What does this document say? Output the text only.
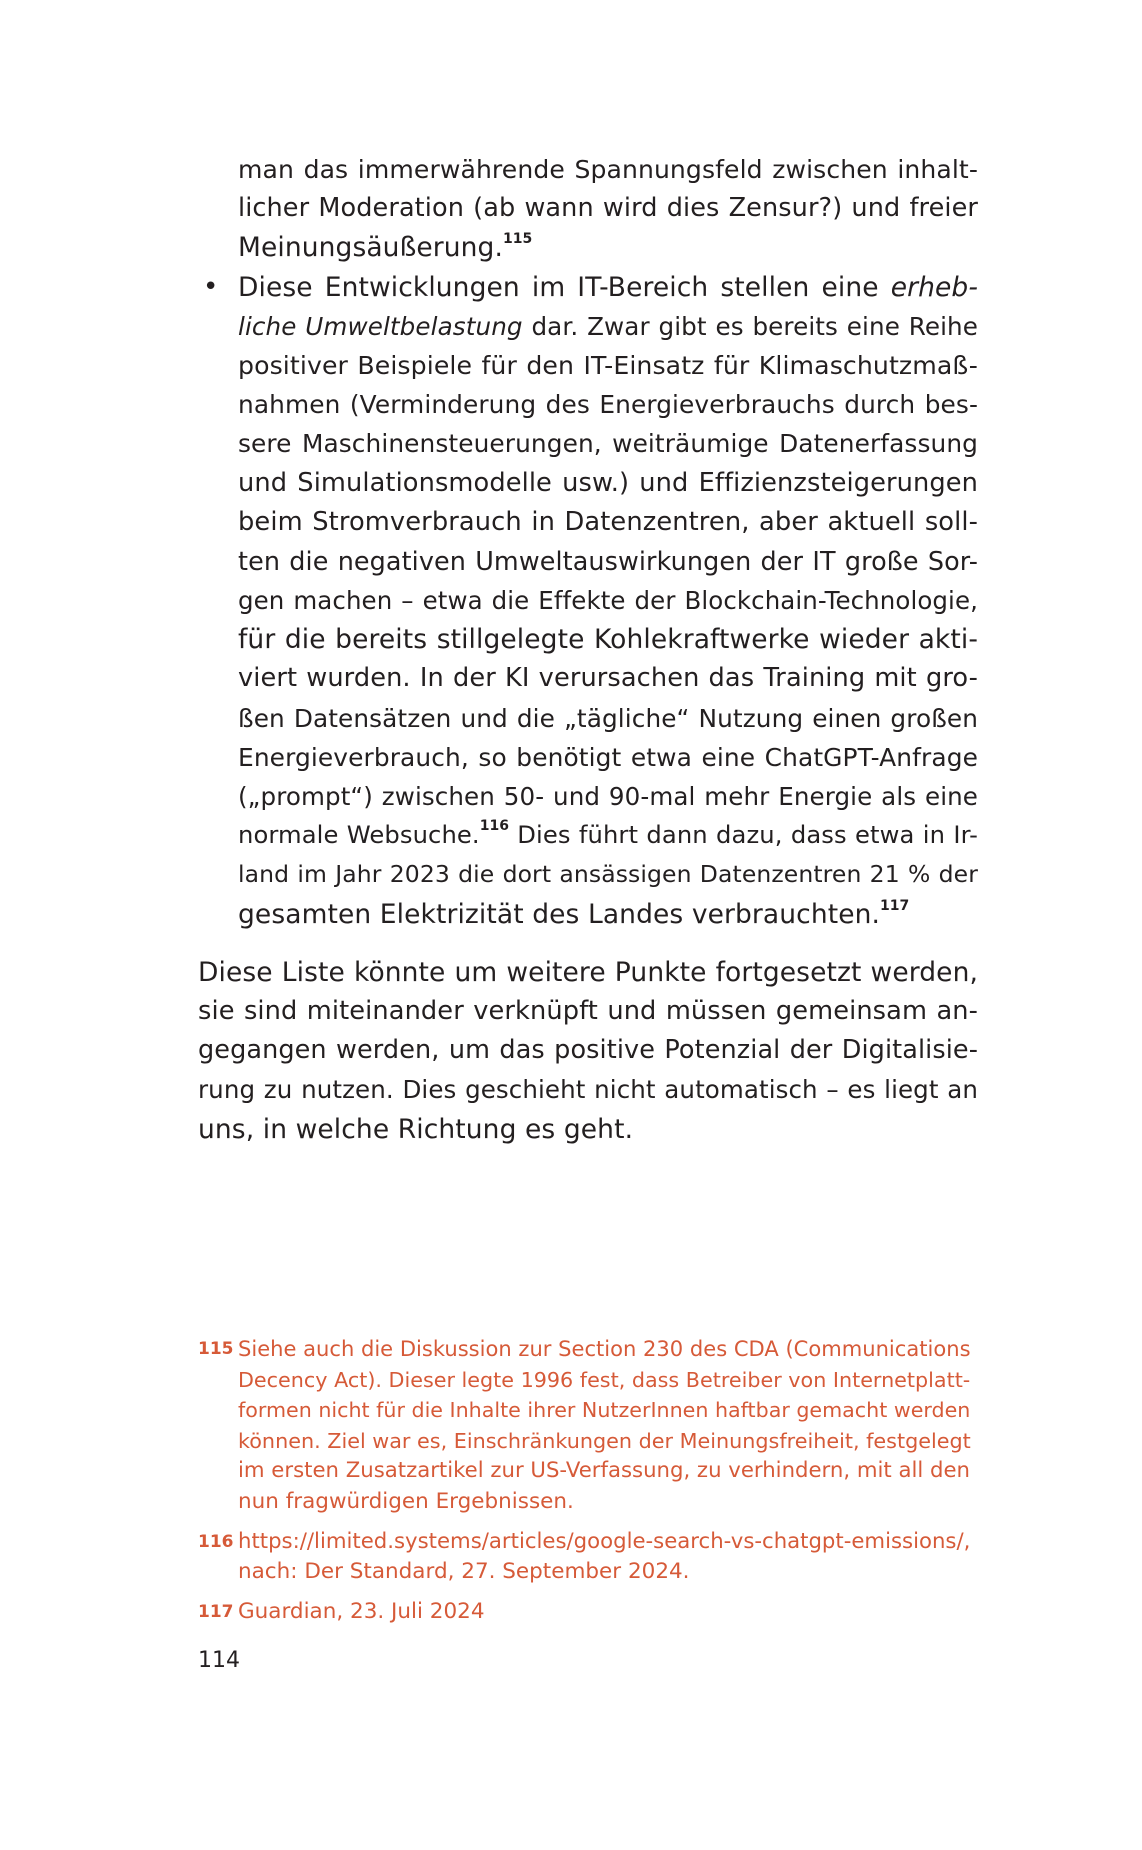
man das immerwährende Spannungsfeld zwischen inhalt-
licher Moderation (ab wann wird dies Zensur?) und freier
Meinungsäußerung.$^{115}$
• Diese Entwicklungen im IT-Bereich stellen eine erheb-
liche Umweltbelastung dar. Zwar gibt es bereits eine Reihe
positiver Beispiele für den IT-Einsatz für Klimaschutzmaß-
nahmen (Verminderung des Energieverbrauchs durch bes-
sere Maschinensteuerungen, weiträumige Datenerfassung
und Simulationsmodelle usw.) und Effizienzsteigerungen
beim Stromverbrauch in Datenzentren, aber aktuell soll-
ten die negativen Umweltauswirkungen der IT große Sor-
gen machen – etwa die Effekte der Blockchain-Technologie,
für die bereits stillgelegte Kohlekraftwerke wieder akti-
viert wurden. In der KI verursachen das Training mit gro-
ßen Datensätzen und die „tägliche“ Nutzung einen großen
Energieverbrauch, so benötigt etwa eine ChatGPT-Anfrage
(„prompt“) zwischen 50- und 90-mal mehr Energie als eine
normale Websuche.$^{116}$ Dies führt dann dazu, dass etwa in Ir-
land im Jahr 2023 die dort ansässigen Datenzentren 21 % der
gesamten Elektrizität des Landes verbrauchten.$^{117}$
Diese Liste könnte um weitere Punkte fortgesetzt werden,
sie sind miteinander verknüpft und müssen gemeinsam an-
gegangen werden, um das positive Potenzial der Digitalisie-
rung zu nutzen. Dies geschieht nicht automatisch – es liegt an
uns, in welche Richtung es geht.
115 Siehe auch die Diskussion zur Section 230 des CDA (Communications
Decency Act). Dieser legte 1996 fest, dass Betreiber von Internetplatt-
formen nicht für die Inhalte ihrer NutzerInnen haftbar gemacht werden
können. Ziel war es, Einschränkungen der Meinungsfreiheit, festgelegt
im ersten Zusatzartikel zur US-Verfassung, zu verhindern, mit all den
nun fragwürdigen Ergebnissen.
116 https://limited.systems/articles/google-search-vs-chatgpt-emissions/,
nach: Der Standard, 27. September 2024.
117 Guardian, 23. Juli 2024
114
